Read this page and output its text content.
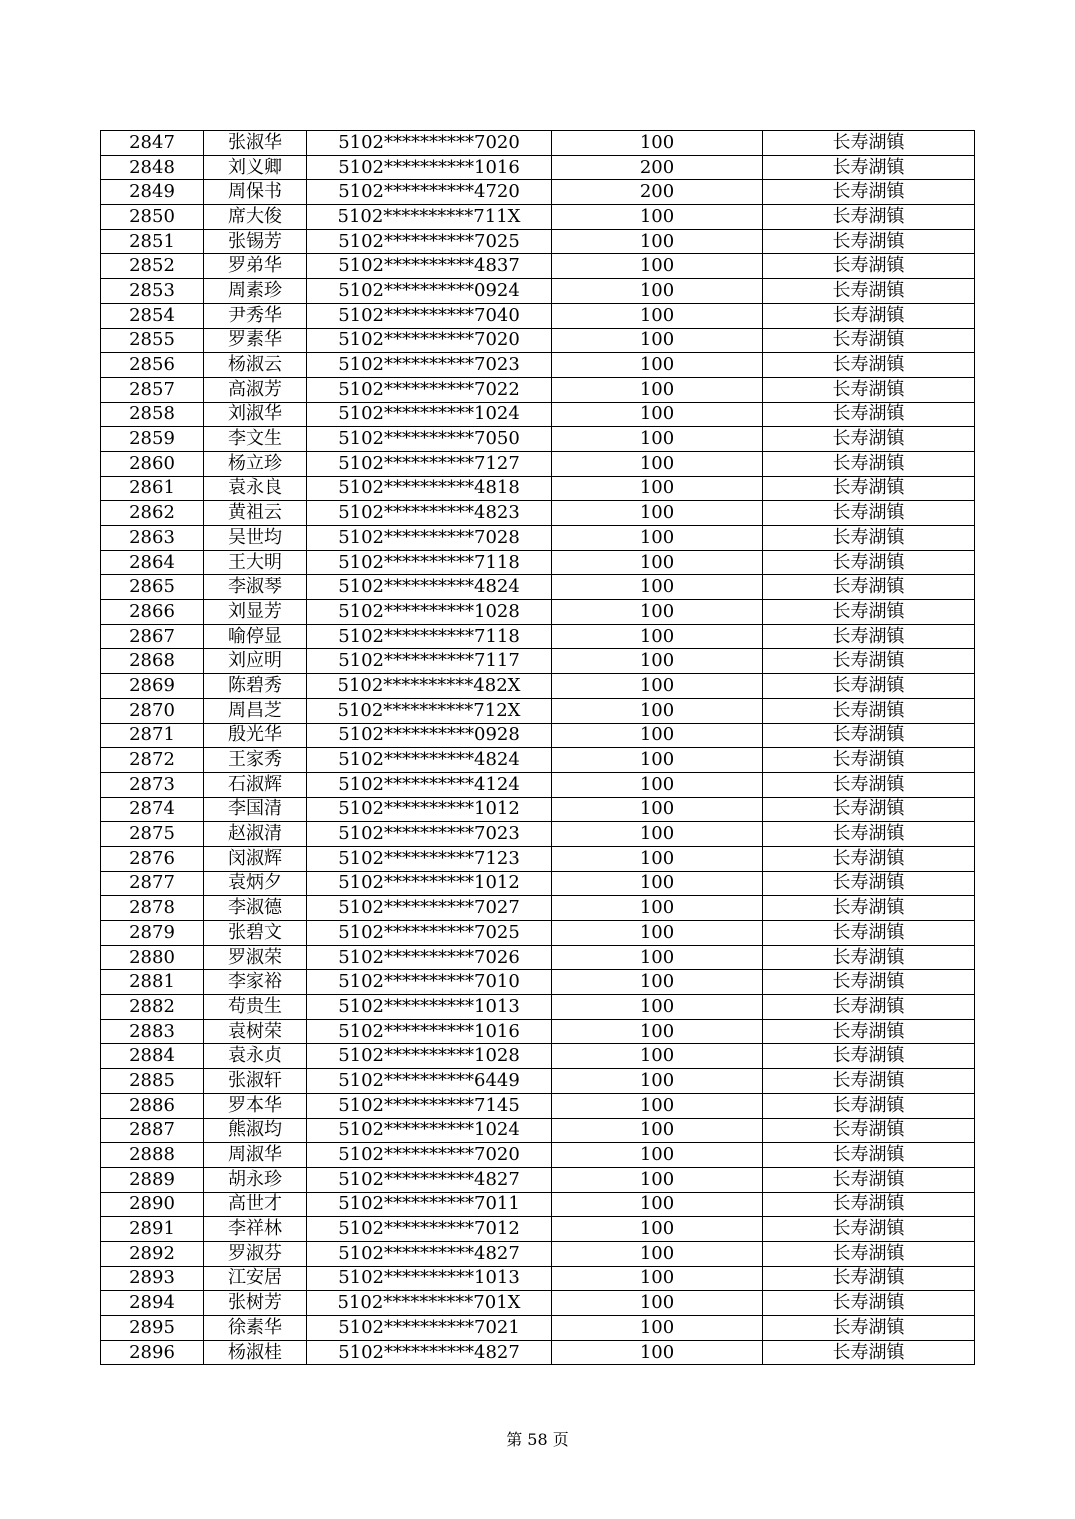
2847	张淑华	5102**********7020	100	长寿湖镇
2848	刘义卿	5102**********1016	200	长寿湖镇
2849	周保书	5102**********4720	200	长寿湖镇
2850	席大俊	5102**********711X	100	长寿湖镇
2851	张锡芳	5102**********7025	100	长寿湖镇
2852	罗弟华	5102**********4837	100	长寿湖镇
2853	周素珍	5102**********0924	100	长寿湖镇
2854	尹秀华	5102**********7040	100	长寿湖镇
2855	罗素华	5102**********7020	100	长寿湖镇
2856	杨淑云	5102**********7023	100	长寿湖镇
2857	高淑芳	5102**********7022	100	长寿湖镇
2858	刘淑华	5102**********1024	100	长寿湖镇
2859	李文生	5102**********7050	100	长寿湖镇
2860	杨立珍	5102**********7127	100	长寿湖镇
2861	袁永良	5102**********4818	100	长寿湖镇
2862	黄祖云	5102**********4823	100	长寿湖镇
2863	吴世均	5102**********7028	100	长寿湖镇
2864	王大明	5102**********7118	100	长寿湖镇
2865	李淑琴	5102**********4824	100	长寿湖镇
2866	刘显芳	5102**********1028	100	长寿湖镇
2867	喻停显	5102**********7118	100	长寿湖镇
2868	刘应明	5102**********7117	100	长寿湖镇
2869	陈碧秀	5102**********482X	100	长寿湖镇
2870	周昌芝	5102**********712X	100	长寿湖镇
2871	殷光华	5102**********0928	100	长寿湖镇
2872	王家秀	5102**********4824	100	长寿湖镇
2873	石淑辉	5102**********4124	100	长寿湖镇
2874	李国清	5102**********1012	100	长寿湖镇
2875	赵淑清	5102**********7023	100	长寿湖镇
2876	闵淑辉	5102**********7123	100	长寿湖镇
2877	袁炳夕	5102**********1012	100	长寿湖镇
2878	李淑德	5102**********7027	100	长寿湖镇
2879	张碧文	5102**********7025	100	长寿湖镇
2880	罗淑荣	5102**********7026	100	长寿湖镇
2881	李家裕	5102**********7010	100	长寿湖镇
2882	苟贵生	5102**********1013	100	长寿湖镇
2883	袁树荣	5102**********1016	100	长寿湖镇
2884	袁永贞	5102**********1028	100	长寿湖镇
2885	张淑轩	5102**********6449	100	长寿湖镇
2886	罗本华	5102**********7145	100	长寿湖镇
2887	熊淑均	5102**********1024	100	长寿湖镇
2888	周淑华	5102**********7020	100	长寿湖镇
2889	胡永珍	5102**********4827	100	长寿湖镇
2890	高世才	5102**********7011	100	长寿湖镇
2891	李祥林	5102**********7012	100	长寿湖镇
2892	罗淑芬	5102**********4827	100	长寿湖镇
2893	江安居	5102**********1013	100	长寿湖镇
2894	张树芳	5102**********701X	100	长寿湖镇
2895	徐素华	5102**********7021	100	长寿湖镇
2896	杨淑桂	5102**********4827	100	长寿湖镇
第 58 页
